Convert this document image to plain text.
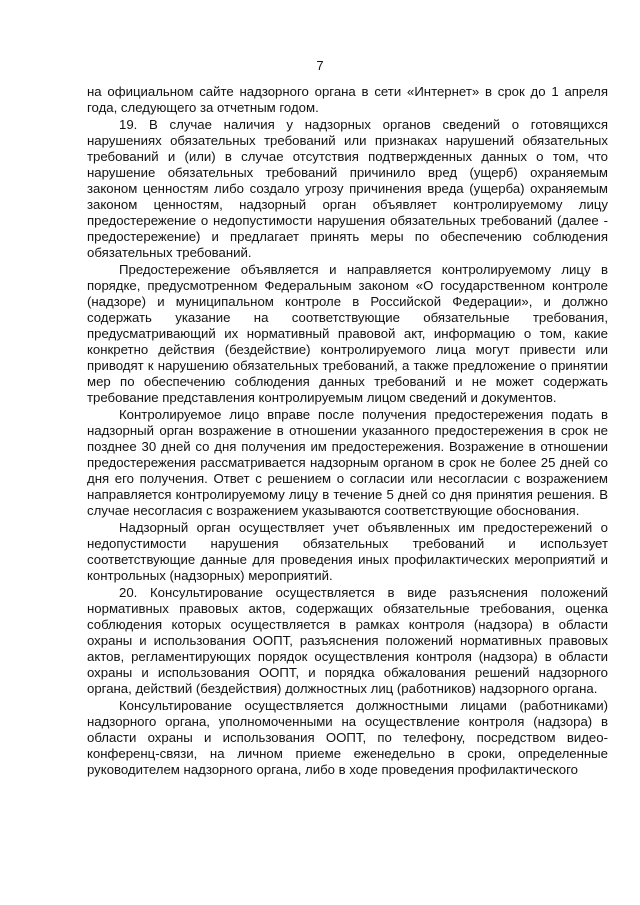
7

на официальном сайте надзорного органа в сети «Интернет» в срок до 1 апреля года, следующего за отчетным годом.

19. В случае наличия у надзорных органов сведений о готовящихся нарушениях обязательных требований или признаках нарушений обязательных требований и (или) в случае отсутствия подтвержденных данных о том, что нарушение обязательных требований причинило вред (ущерб) охраняемым законом ценностям либо создало угрозу причинения вреда (ущерба) охраняемым законом ценностям, надзорный орган объявляет контролируемому лицу предостережение о недопустимости нарушения обязательных требований (далее - предостережение) и предлагает принять меры по обеспечению соблюдения обязательных требований.

Предостережение объявляется и направляется контролируемому лицу в порядке, предусмотренном Федеральным законом «О государственном контроле (надзоре) и муниципальном контроле в Российской Федерации», и должно содержать указание на соответствующие обязательные требования, предусматривающий их нормативный правовой акт, информацию о том, какие конкретно действия (бездействие) контролируемого лица могут привести или приводят к нарушению обязательных требований, а также предложение о принятии мер по обеспечению соблюдения данных требований и не может содержать требование представления контролируемым лицом сведений и документов.

Контролируемое лицо вправе после получения предостережения подать в надзорный орган возражение в отношении указанного предостережения в срок не позднее 30 дней со дня получения им предостережения. Возражение в отношении предостережения рассматривается надзорным органом в срок не более 25 дней со дня его получения. Ответ с решением о согласии или несогласии с возражением направляется контролируемому лицу в течение 5 дней со дня принятия решения. В случае несогласия с возражением указываются соответствующие обоснования.

Надзорный орган осуществляет учет объявленных им предостережений о недопустимости нарушения обязательных требований и использует соответствующие данные для проведения иных профилактических мероприятий и контрольных (надзорных) мероприятий.

20. Консультирование осуществляется в виде разъяснения положений нормативных правовых актов, содержащих обязательные требования, оценка соблюдения которых осуществляется в рамках контроля (надзора) в области охраны и использования ООПТ, разъяснения положений нормативных правовых актов, регламентирующих порядок осуществления контроля (надзора) в области охраны и использования ООПТ, и порядка обжалования решений надзорного органа, действий (бездействия) должностных лиц (работников) надзорного органа.

Консультирование осуществляется должностными лицами (работниками) надзорного органа, уполномоченными на осуществление контроля (надзора) в области охраны и использования ООПТ, по телефону, посредством видео-конференц-связи, на личном приеме еженедельно в сроки, определенные руководителем надзорного органа, либо в ходе проведения профилактического
